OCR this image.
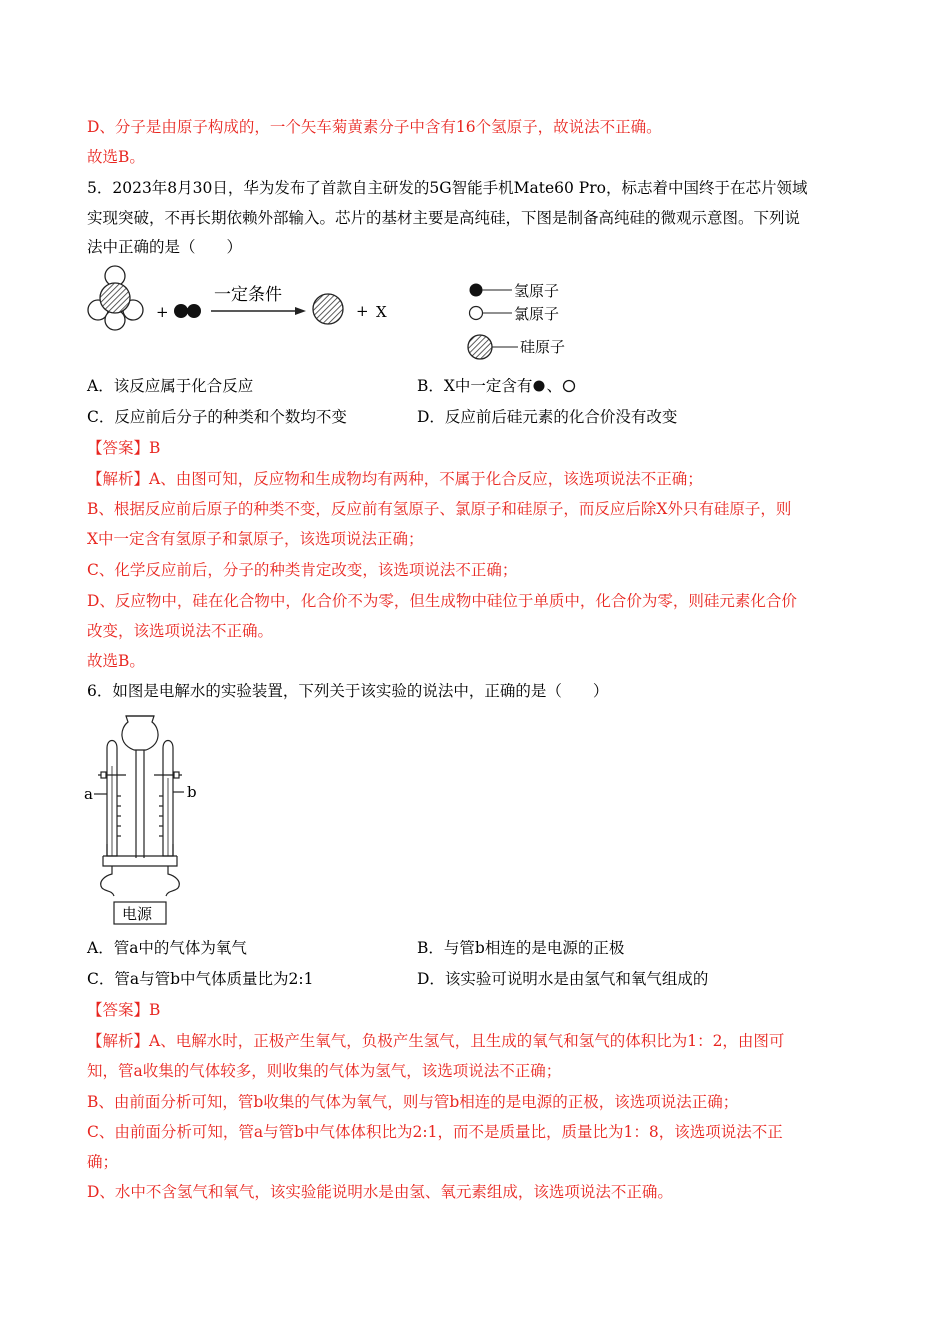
D、分子是由原子构成的，一个矢车菊黄素分子中含有16个氢原子，故说法不正确。
故选B。
5．2023年8月30日，华为发布了首款自主研发的5G智能手机Mate60 Pro，标志着中国终于在芯片领域
实现突破，不再长期依赖外部输入。芯片的基材主要是高纯硅，下图是制备高纯硅的微观示意图。下列说
法中正确的是（　　）
+
一定条件
+ X
氢原子
氯原子
硅原子
A．该反应属于化合反应	B．X中一定含有 、
C．反应前后分子的种类和个数均不变	D．反应前后硅元素的化合价没有改变
【答案】B
【解析】A、由图可知，反应物和生成物均有两种，不属于化合反应，该选项说法不正确；
B、根据反应前后原子的种类不变，反应前有氢原子、氯原子和硅原子，而反应后除X外只有硅原子，则
X中一定含有氢原子和氯原子，该选项说法正确；
C、化学反应前后，分子的种类肯定改变，该选项说法不正确；
D、反应物中，硅在化合物中，化合价不为零，但生成物中硅位于单质中，化合价为零，则硅元素化合价
改变，该选项说法不正确。
故选B。
6．如图是电解水的实验装置，下列关于该实验的说法中，正确的是（　　）
a	b
电源
A．管a中的气体为氧气	B．与管b相连的是电源的正极
C．管a与管b中气体质量比为2:1	D．该实验可说明水是由氢气和氧气组成的
【答案】B
【解析】A、电解水时，正极产生氧气，负极产生氢气，且生成的氧气和氢气的体积比为1：2，由图可
知，管a收集的气体较多，则收集的气体为氢气，该选项说法不正确；
B、由前面分析可知，管b收集的气体为氧气，则与管b相连的是电源的正极，该选项说法正确；
C、由前面分析可知，管a与管b中气体体积比为2:1，而不是质量比，质量比为1：8，该选项说法不正
确；
D、水中不含氢气和氧气，该实验能说明水是由氢、氧元素组成，该选项说法不正确。
